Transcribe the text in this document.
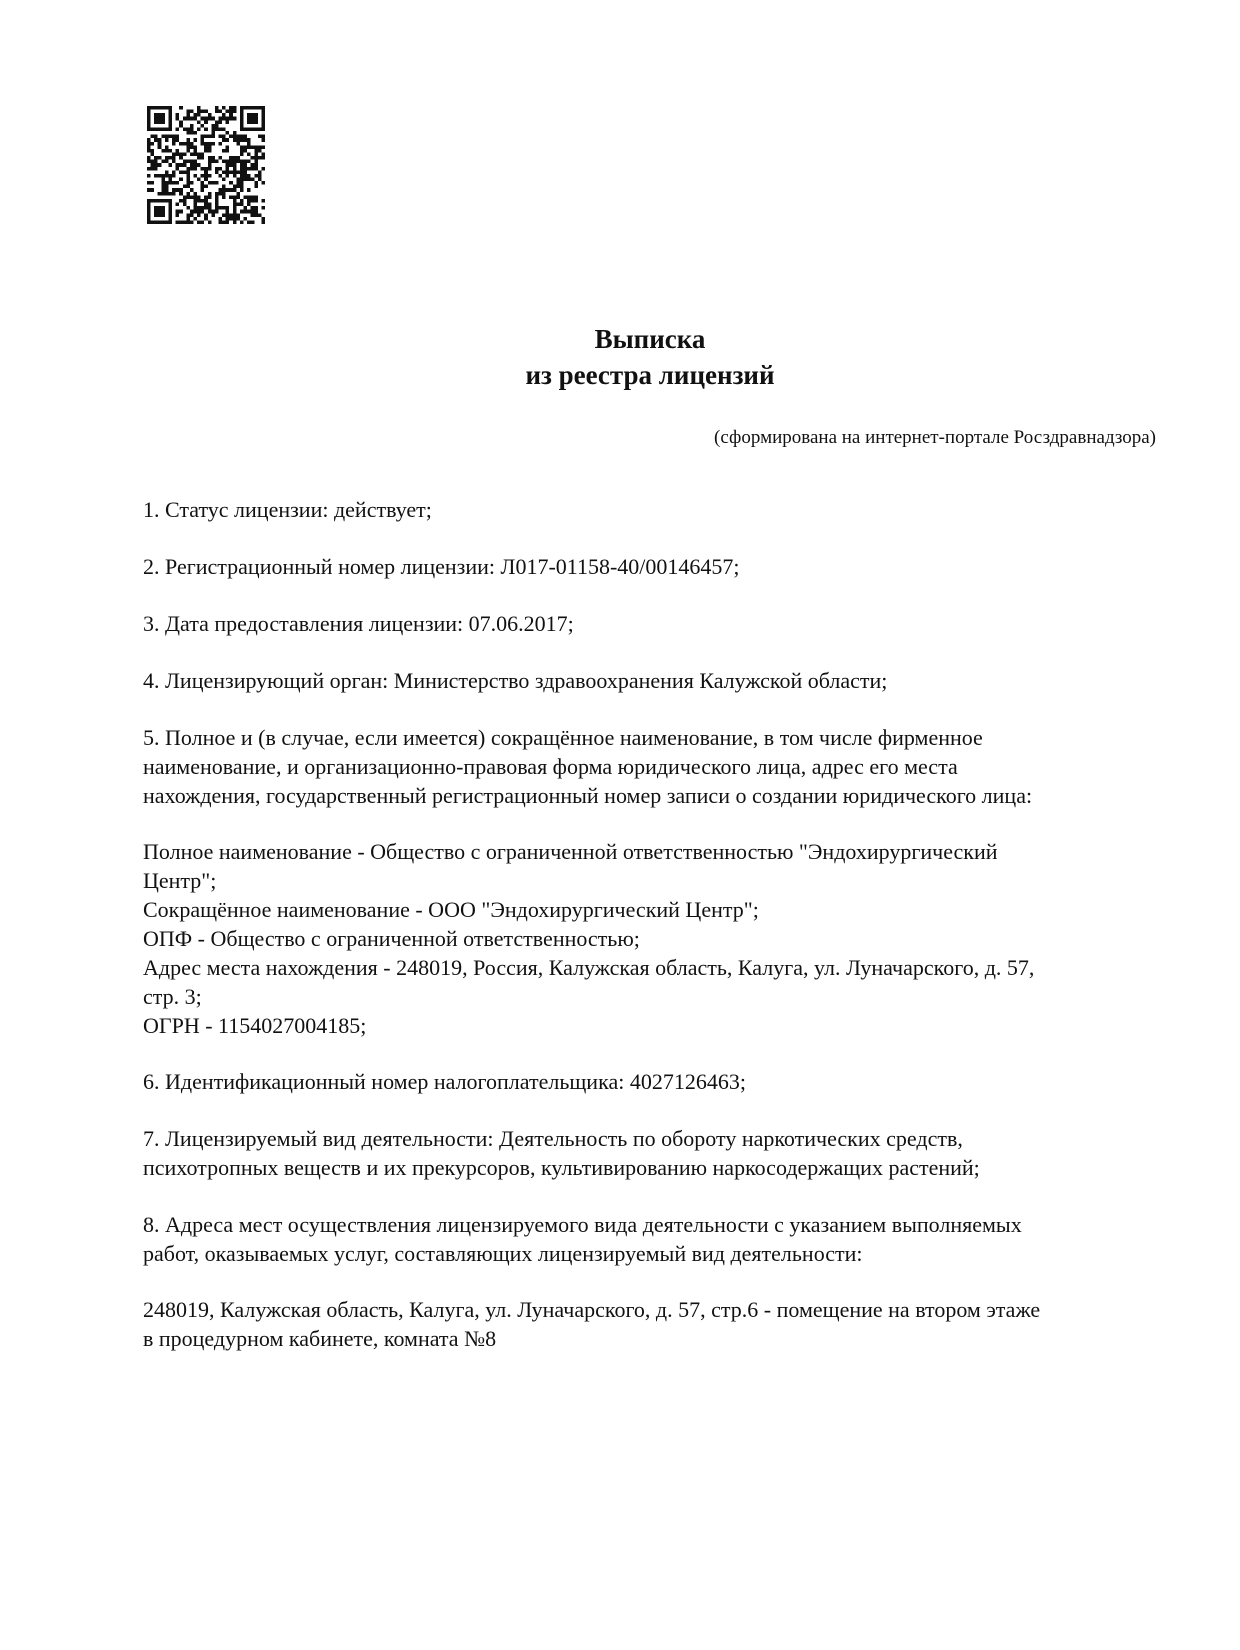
Выписка
из реестра лицензий
(сформирована на интернет-портале Росздравнадзора)
1. Статус лицензии: действует;
2. Регистрационный номер лицензии: Л017-01158-40/00146457;
3. Дата предоставления лицензии: 07.06.2017;
4. Лицензирующий орган: Министерство здравоохранения Калужской области;
5. Полное и (в случае, если имеется) сокращённое наименование, в том числе фирменное
наименование, и организационно-правовая форма юридического лица, адрес его места
нахождения, государственный регистрационный номер записи о создании юридического лица:
Полное наименование - Общество с ограниченной ответственностью "Эндохирургический
Центр";
Сокращённое наименование - ООО "Эндохирургический Центр";
ОПФ - Общество с ограниченной ответственностью;
Адрес места нахождения - 248019, Россия, Калужская область, Калуга, ул. Луначарского, д. 57,
стр. 3;
ОГРН - 1154027004185;
6. Идентификационный номер налогоплательщика: 4027126463;
7. Лицензируемый вид деятельности: Деятельность по обороту наркотических средств,
психотропных веществ и их прекурсоров, культивированию наркосодержащих растений;
8. Адреса мест осуществления лицензируемого вида деятельности с указанием выполняемых
работ, оказываемых услуг, составляющих лицензируемый вид деятельности:
248019, Калужская область, Калуга, ул. Луначарского, д. 57, стр.6 - помещение на втором этаже
в процедурном кабинете, комната №8
